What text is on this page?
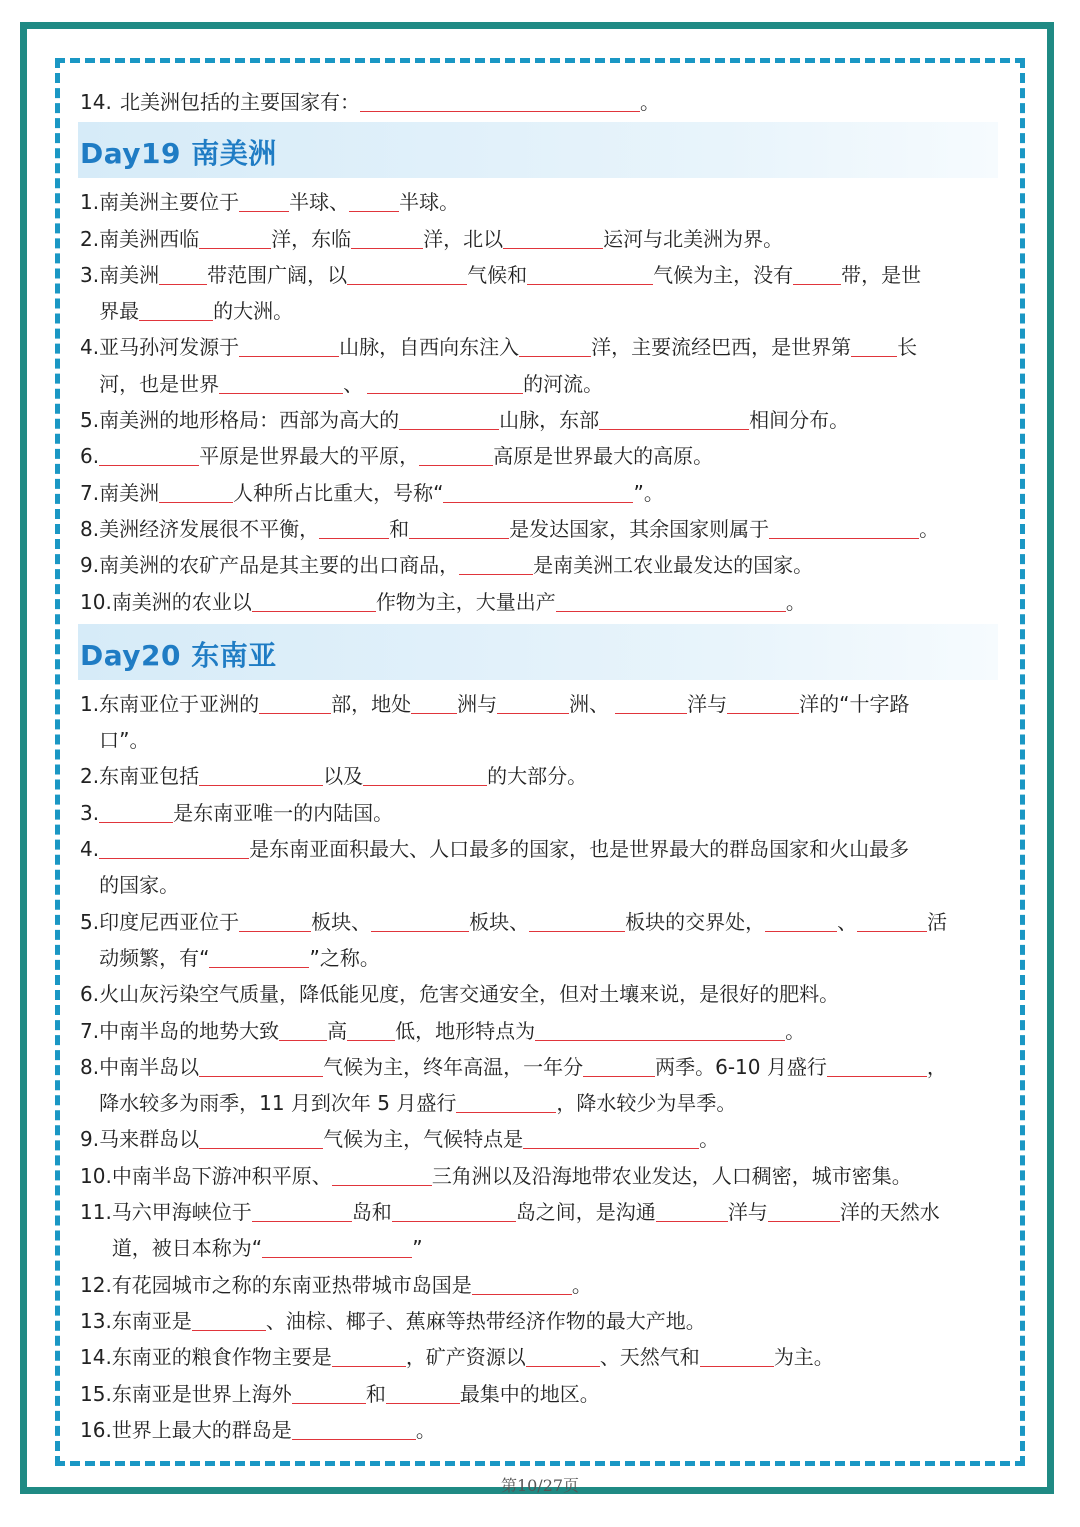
14. 北美洲包括的主要国家有：	。
Day19 南美洲
1. 南美洲主要位于	半球、	半球。
2. 南美洲西临	洋，东临	洋，北以	运河与北美洲为界。
3. 南美洲 带范围广阔，以	气候和	气候为主，没有 带，是世
界最	的大洲。
4. 亚马孙河发源于	山脉，自西向东注入	洋，主要流经巴西，是世界第 长
河，也是世界	、	的河流。
5. 南美洲的地形格局：西部为高大的	山脉，东部	相间分布。
6.	平原是世界最大的平原，	高原是世界最大的高原。
7. 南美洲	人种所占比重大，号称“	”。
8. 美洲经济发展很不平衡，	和	是发达国家，其余国家则属于	。
9. 南美洲的农矿产品是其主要的出口商品，	是南美洲工农业最发达的国家。
10. 南美洲的农业以	作物为主，大量出产	。
Day20 东南亚
1. 东南亚位于亚洲的	部，地处 洲与	洲、	洋与	洋的“十字路
口”。
2. 东南亚包括	以及	的大部分。
3.	是东南亚唯一的内陆国。
4.	是东南亚面积最大、人口最多的国家，也是世界最大的群岛国家和火山最多
的国家。
5. 印度尼西亚位于	板块、	板块、	板块的交界处，	、	活
动频繁，有“	”之称。
6. 火山灰污染空气质量，降低能见度，危害交通安全，但对土壤来说，是很好的肥料。
7. 中南半岛的地势大致 高 低，地形特点为	。
8. 中南半岛以	气候为主，终年高温，一年分	两季。6-10 月盛行	，
降水较多为雨季，11 月到次年 5 月盛行	，降水较少为旱季。
9. 马来群岛以	气候为主，气候特点是	。
10. 中南半岛下游冲积平原、	三角洲以及沿海地带农业发达，人口稠密，城市密集。
11. 马六甲海峡位于	岛和	岛之间，是沟通	洋与	洋的天然水
道，被日本称为“	”
12. 有花园城市之称的东南亚热带城市岛国是	。
13. 东南亚是	、油棕、椰子、蕉麻等热带经济作物的最大产地。
14. 东南亚的粮食作物主要是	，矿产资源以	、天然气和	为主。
15. 东南亚是世界上海外	和	最集中的地区。
16. 世界上最大的群岛是	。
第10/27页
